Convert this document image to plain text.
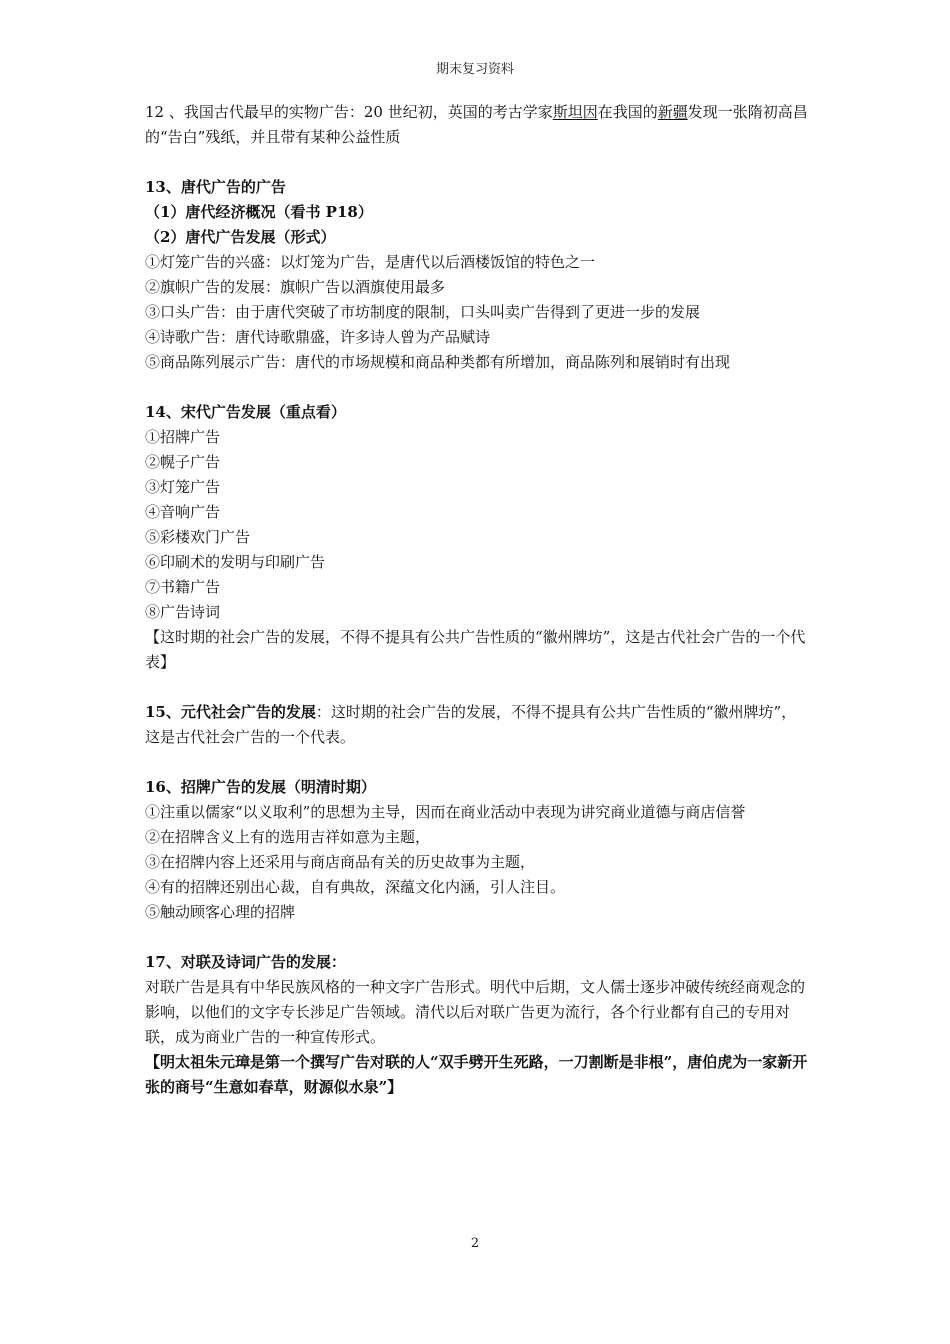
期末复习资料
12 、我国古代最早的实物广告：20 世纪初，英国的考古学家斯坦因在我国的新疆发现一张隋初高昌的“告白”残纸，并且带有某种公益性质
13、唐代广告的广告
（1）唐代经济概况（看书 P18）
（2）唐代广告发展（形式）
①灯笼广告的兴盛：以灯笼为广告，是唐代以后酒楼饭馆的特色之一
②旗帜广告的发展：旗帜广告以酒旗使用最多
③口头广告：由于唐代突破了市坊制度的限制，口头叫卖广告得到了更进一步的发展
④诗歌广告：唐代诗歌鼎盛，许多诗人曾为产品赋诗
⑤商品陈列展示广告：唐代的市场规模和商品种类都有所增加，商品陈列和展销时有出现
14、宋代广告发展（重点看）
①招牌广告
②幌子广告
③灯笼广告
④音响广告
⑤彩楼欢门广告
⑥印刷术的发明与印刷广告
⑦书籍广告
⑧广告诗词
【这时期的社会广告的发展，不得不提具有公共广告性质的“徽州牌坊”，这是古代社会广告的一个代表】
15、元代社会广告的发展：这时期的社会广告的发展，不得不提具有公共广告性质的“徽州牌坊”，这是古代社会广告的一个代表。
16、招牌广告的发展（明清时期）
①注重以儒家“以义取利”的思想为主导，因而在商业活动中表现为讲究商业道德与商店信誉
②在招牌含义上有的选用吉祥如意为主题，
③在招牌内容上还采用与商店商品有关的历史故事为主题，
④有的招牌还别出心裁，自有典故，深蕴文化内涵，引人注目。
⑤触动顾客心理的招牌
17、对联及诗词广告的发展：
对联广告是具有中华民族风格的一种文字广告形式。明代中后期，文人儒士逐步冲破传统经商观念的影响，以他们的文字专长涉足广告领域。清代以后对联广告更为流行，各个行业都有自己的专用对联，成为商业广告的一种宣传形式。
【明太祖朱元璋是第一个撰写广告对联的人“双手劈开生死路，一刀割断是非根”，唐伯虎为一家新开张的商号“生意如春草，财源似水泉”】
2
